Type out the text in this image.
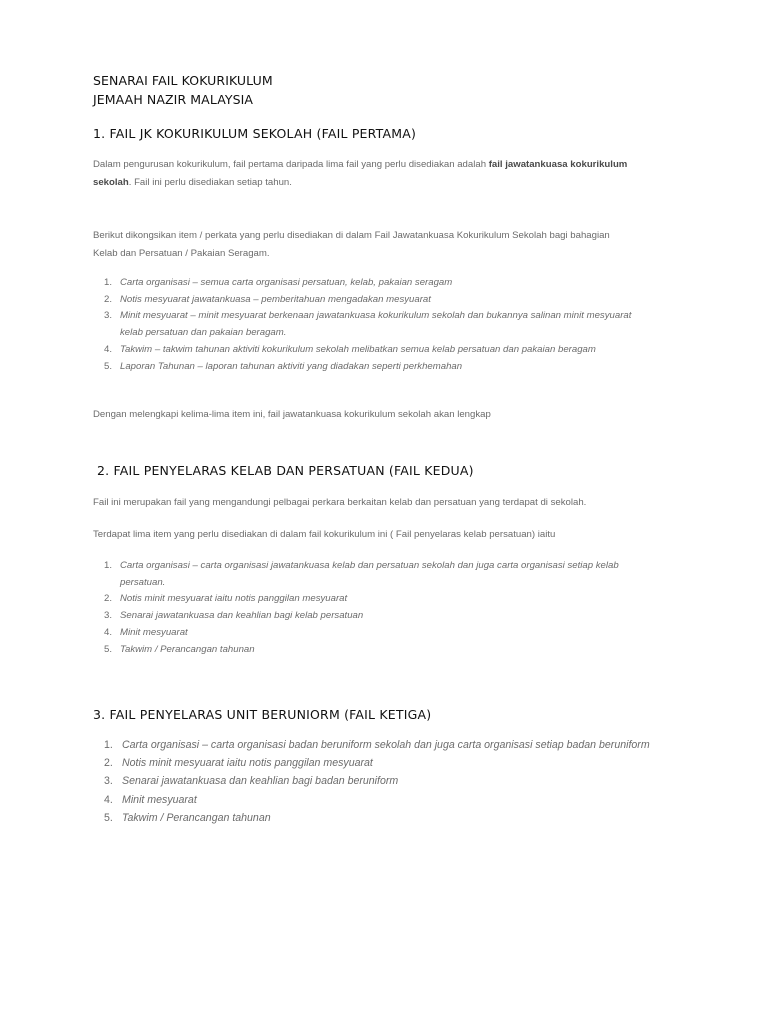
SENARAI FAIL KOKURIKULUM
JEMAAH NAZIR MALAYSIA
1. FAIL JK KOKURIKULUM SEKOLAH (FAIL PERTAMA)
Dalam pengurusan kokurikulum, fail pertama daripada lima fail yang perlu disediakan adalah fail jawatankuasa kokurikulum sekolah. Fail ini perlu disediakan setiap tahun.
Berikut dikongsikan item / perkata yang perlu disediakan di dalam Fail Jawatankuasa Kokurikulum Sekolah bagi bahagian Kelab dan Persatuan / Pakaian Seragam.
1. Carta organisasi – semua carta organisasi persatuan, kelab, pakaian seragam
2. Notis mesyuarat jawatankuasa – pemberitahuan mengadakan mesyuarat
3. Minit mesyuarat – minit mesyuarat berkenaan jawatankuasa kokurikulum sekolah dan bukannya salinan minit mesyuarat kelab persatuan dan pakaian beragam.
4. Takwim – takwim tahunan aktiviti kokurikulum sekolah melibatkan semua kelab persatuan dan pakaian beragam
5. Laporan Tahunan – laporan tahunan aktiviti yang diadakan seperti perkhemahan
Dengan melengkapi kelima-lima item ini, fail jawatankuasa kokurikulum sekolah akan lengkap
2. FAIL PENYELARAS KELAB DAN PERSATUAN (FAIL KEDUA)
Fail ini merupakan fail yang mengandungi pelbagai perkara berkaitan kelab dan persatuan yang terdapat di sekolah.
Terdapat lima item yang perlu disediakan di dalam fail kokurikulum ini ( Fail penyelaras kelab persatuan) iaitu
1. Carta organisasi – carta organisasi jawatankuasa kelab dan persatuan sekolah dan juga carta organisasi setiap kelab persatuan.
2. Notis minit mesyuarat iaitu notis panggilan mesyuarat
3. Senarai jawatankuasa dan keahlian bagi kelab persatuan
4. Minit mesyuarat
5. Takwim / Perancangan tahunan
3. FAIL PENYELARAS UNIT BERUNIORM (FAIL KETIGA)
1. Carta organisasi – carta organisasi badan beruniform sekolah dan juga carta organisasi setiap badan beruniform
2. Notis minit mesyuarat iaitu notis panggilan mesyuarat
3. Senarai jawatankuasa dan keahlian bagi badan beruniform
4. Minit mesyuarat
5. Takwim / Perancangan tahunan
